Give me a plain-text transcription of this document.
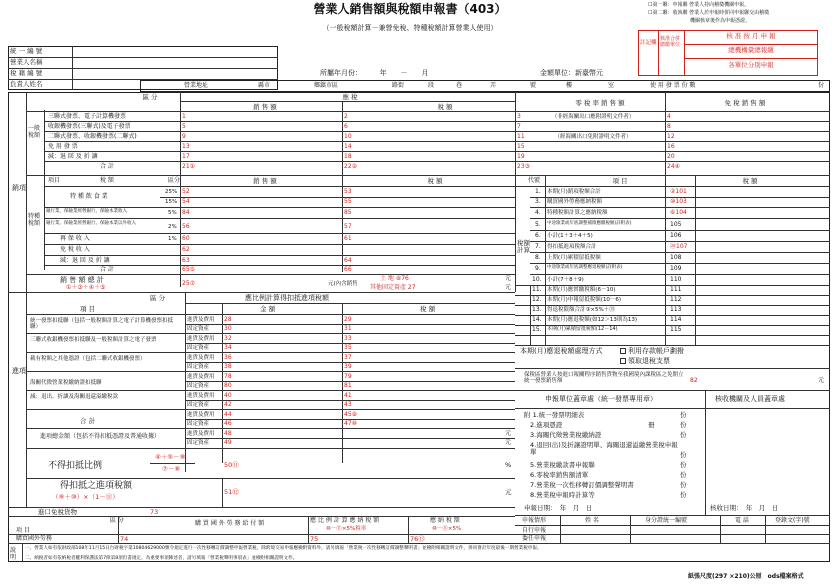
營業人銷售額與稅額申報書（403）
（一般稅額計算－兼營免稅、特種稅額計算營業人使用）
☐第一聯：申報聯 營業人持向稽徵機關申報。
☐第二聯：收執聯 營業人於申報時併同申報聯交由稽徵
機關核章後作為申報憑證。
註記欄
核准合併總繳單位
核 准 按 月 申 報
總機構彙總報繳
各單位分別申報
統 一 編 號
營業人名稱
稅 籍 編 號
負責人姓名
所屬年月份：　　　年　　－　　月	金額單位：新臺幣元
營業地址	縣市	鄉鎮市區	路街	段	巷	弄	號	樓	室	使 用 發 票 份 數	份
銷項
一般稅額
特種稅額
區 分	應 稅
零 稅 率 銷 售 額	免 稅 銷 售 額
銷 售 額	稅 額
三聯式發票、電子計算機發票	1	2	3	4
（非經海關出口應附證明文件者）
收銀機發票(三聯式)及電子發票	5	6	7	8
二聯式發票、收銀機發票(二聯式)	9	10	11	12
（經海關出口免附證明文件者）
免 用 發 票	13	14	15	16
減：退 回 及 折 讓	17	18	19	20
合 計	21①	22②	23③	24④
項目	稅 額	區分	銷 售 額	稅 額
特 種 飲 食 業
25% 52	53
15% 54	55
銀行業、保險業經營銀行、保險本業收入	5% 84	85
銀行業、保險業經營銀行、保險本業以外收入
2% 56	57
再 保 收 入	1% 60	61
免 稅 收 入	62
減：退 回 及 折 讓	63	64
合 計	65⑤	66
銷 售 額 總 計
①＋③＋④＋⑤
25⑦	元(內含銷售
土 地 ⑧76
其他固定資產 27
元
元
代號	項 目	稅 額
稅額計算
1. 本期(月)銷項稅額合計	②101
3. 購買國外勞務應納稅額	⑩103
4. 特種稅額計算之應納稅額	⑥104
5. 中途歇業或年底調整補徵應繳稅額(詳附表)	105
6. 小計(1＋3＋4＋5)	106
7. 得扣抵進項稅額合計	⑳107
8. 上期(月)累積留抵稅額	108
9. 中途歇業或年底調整應退稅額(詳附表)	109
10. 小計(7＋8＋9)	110
11. 本期(月)應實繳稅額(6－10)	111
12. 本期(月)申報留抵稅額(10－6)	112
13. 得退稅限額合計③×5%＋⑬	113
14. 本期(月)應退稅額(如12＞13則為13)	114
15. 本期(月)累積留抵稅額(12－14)	115
本期(月)應退稅額處理方式	利用存款帳戶劃撥
領取退稅支票
保稅區營業人按進口報關程序銷售貨物至我國境內課稅區之免開立統一發票銷售額	82	元
申報單位蓋章處（統一發票專用章）	核收機關及人員蓋章處
附 1.統一發票明細表	份
2.進項憑證	冊	份
3.海關代徵營業稅繳納證	份
4.退回(出)及折讓證明單、海關退還溢繳營業稅申報單	份
5.營業稅繳款書申報聯	份
6.零稅率銷售額清單	份
7.營業稅一次性移轉訂價調整聲明書	份
8.營業稅申報時計算等	份
申報日期：　年　月　日	核收日期：　年　月　日
進項
區 分	應比例計算得扣抵進項稅額
金 額	稅 額
項 目
統一發票扣抵聯（包括一般稅額計算之電子計算機發票扣抵聯）
進貨及費用 28	29
固定資產 30	31
三聯式收銀機發票扣抵聯及一般稅額計算之電子發票	進貨及費用 32	33
固定資產 34	35
載有稅額之其他憑證（包括二聯式收銀機發票）	進貨及費用 36	37
固定資產 38	39
海關代徵營業稅繳納證扣抵聯
進貨及費用 78	79
固定資產 80	81
減：退出、折讓及海關退還溢繳稅款	進貨及費用 40	41
固定資產 42	43
合 計
進貨及費用 44	45⑨
固定資產 46	47⑩
進項總金額（包括不得扣抵憑證及普通收據）	進貨及費用 48
固定資產 49
元
元
不得扣抵比例
④＋⑤－⑧
⑦－⑧	50⑪	%
得扣抵之進項稅額
（⑨＋⑩）×（1－⑪）
51⑫	元
進口免稅貨物	73
區 分
項 目
購 買 國 外 勞 務 給 付 額	應 比 例 計 算 應 納 稅 額
⑩－⑪×5%稅率
應 納 稅 額
⑩－⑪×5%
購買國外勞務	74	75	76⑬
申報情形	姓 名	身分證統一編號	電 話	登錄文(字)號
自行申報
委任申報
說明
一、營業人如有依財政部108年11月15日台財稅字第10804629000號令規定進行一次性移轉訂價調整申報營業稅，除跨境交易申報應檢附資料外，請另填報「營業稅一次性移轉訂價調整聲明書」並檢附相關證明文件，併同會計年度最後一期營業稅申報。
二、納稅者如有依納稅者權利保護法第7條第8項但書規定，為重要事項陳述者，請另填報「營業稅聲明事項表」並檢附相關證明文件。
紙張尺度(297 ×210)公厘　ods檔案格式
